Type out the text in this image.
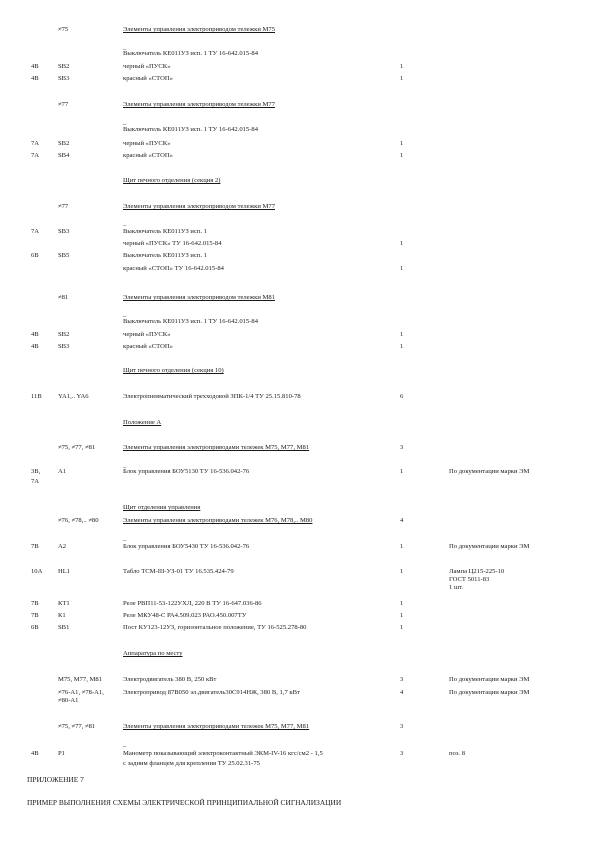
≠75	Элементы управления электроприводом тележки М75
_
Выключатель КЕ011УЗ исп. 1 ТУ 16-642.015-84
4В	SB2	черный «ПУСК»	1
4В	SB3	красный «СТОП»	1
≠77	Элементы управления электроприводом тележки М77
_
Выключатель КЕ011УЗ исп. 1 ТУ 16-642.015-84
7А	SB2	черный «ПУСК»	1
7А	SB4	красный «СТОП»	1
Щит печного отделения (секция 2)
≠77	Элементы управления электроприводом тележки М77
_
7А	SB3	Выключатель КЕ011УЗ исп. 1
черный «ПУСК» ТУ 16-642.015-84	1
6В	SB5	Выключатель КЕ011УЗ исп. 1
красный «СТОП» ТУ 16-642.015-84	1
≠81	Элементы управления электроприводом тележки М81
_
Выключатель КЕ011УЗ исп. 1 ТУ 16-642.015-84
4В	SB2	черный «ПУСК»	1
4В	SB3	красный «СТОП»	1
Щит печного отделения (секция 10)
11В YA1,.. YA6	Электропневматический трехходовой ЗПК-1/4 ТУ 25.15.810-78	6
Положение А
≠75, ≠77, ≠81	Элементы управления электроприводами тележек М75, М77, М81	3
_
3В,	А1	Блок управления БОУ5130 ТУ 16-536.042-76	1	По документации марки ЭМ
7А
Щит отделения управления
≠76, ≠78,.. ≠80	Элементы управления электроприводами тележек М76, М78,.. М80	4
_
7В	А2	Блок управления БОУ5430 ТУ 16-536.042-76	1	По документации марки ЭМ
10А HL1	Табло ТСМ-III-УЗ-01 ТУ 16.535.424-79	1	Лампа Ц215-225-10
ГОСТ 5011-83
1 шт.
7В	КТ1	Реле РВП11-53-122УХЛ, 220 В ТУ 16-647.036-86	1
7В	К1	Реле МКУ48-С РА4.509.023 РАО.450.007ТУ	1
6В	SB1	Пост КУ123-12УЗ, горизонтальное положение, ТУ 16-525.278-80	1
Аппаратура по месту
М75, М77, М81	Электродвигатель 380 В, 250 кВт	3	По документации марки ЭМ
≠76-А1, ≠78-А1,	Электропривод 87В050 эл.двигатель30С914НЖ, 380 В, 1,7 кВт	4	По документации марки ЭМ
≠80-А1
≠75, ≠77, ≠81	Элементы управления электроприводами тележек М75, М77, М81	3
_
4В	Р1	Манометр показывающий электроконтактный ЭКМ-IV-16 кгс/см2 - 1,5	3	поз. 8
с задним фланцем для крепления ТУ 25.02.31-75
ПРИЛОЖЕНИЕ 7
ПРИМЕР ВЫПОЛНЕНИЯ СХЕМЫ ЭЛЕКТРИЧЕСКОЙ ПРИНЦИПИАЛЬНОЙ СИГНАЛИЗАЦИИ
